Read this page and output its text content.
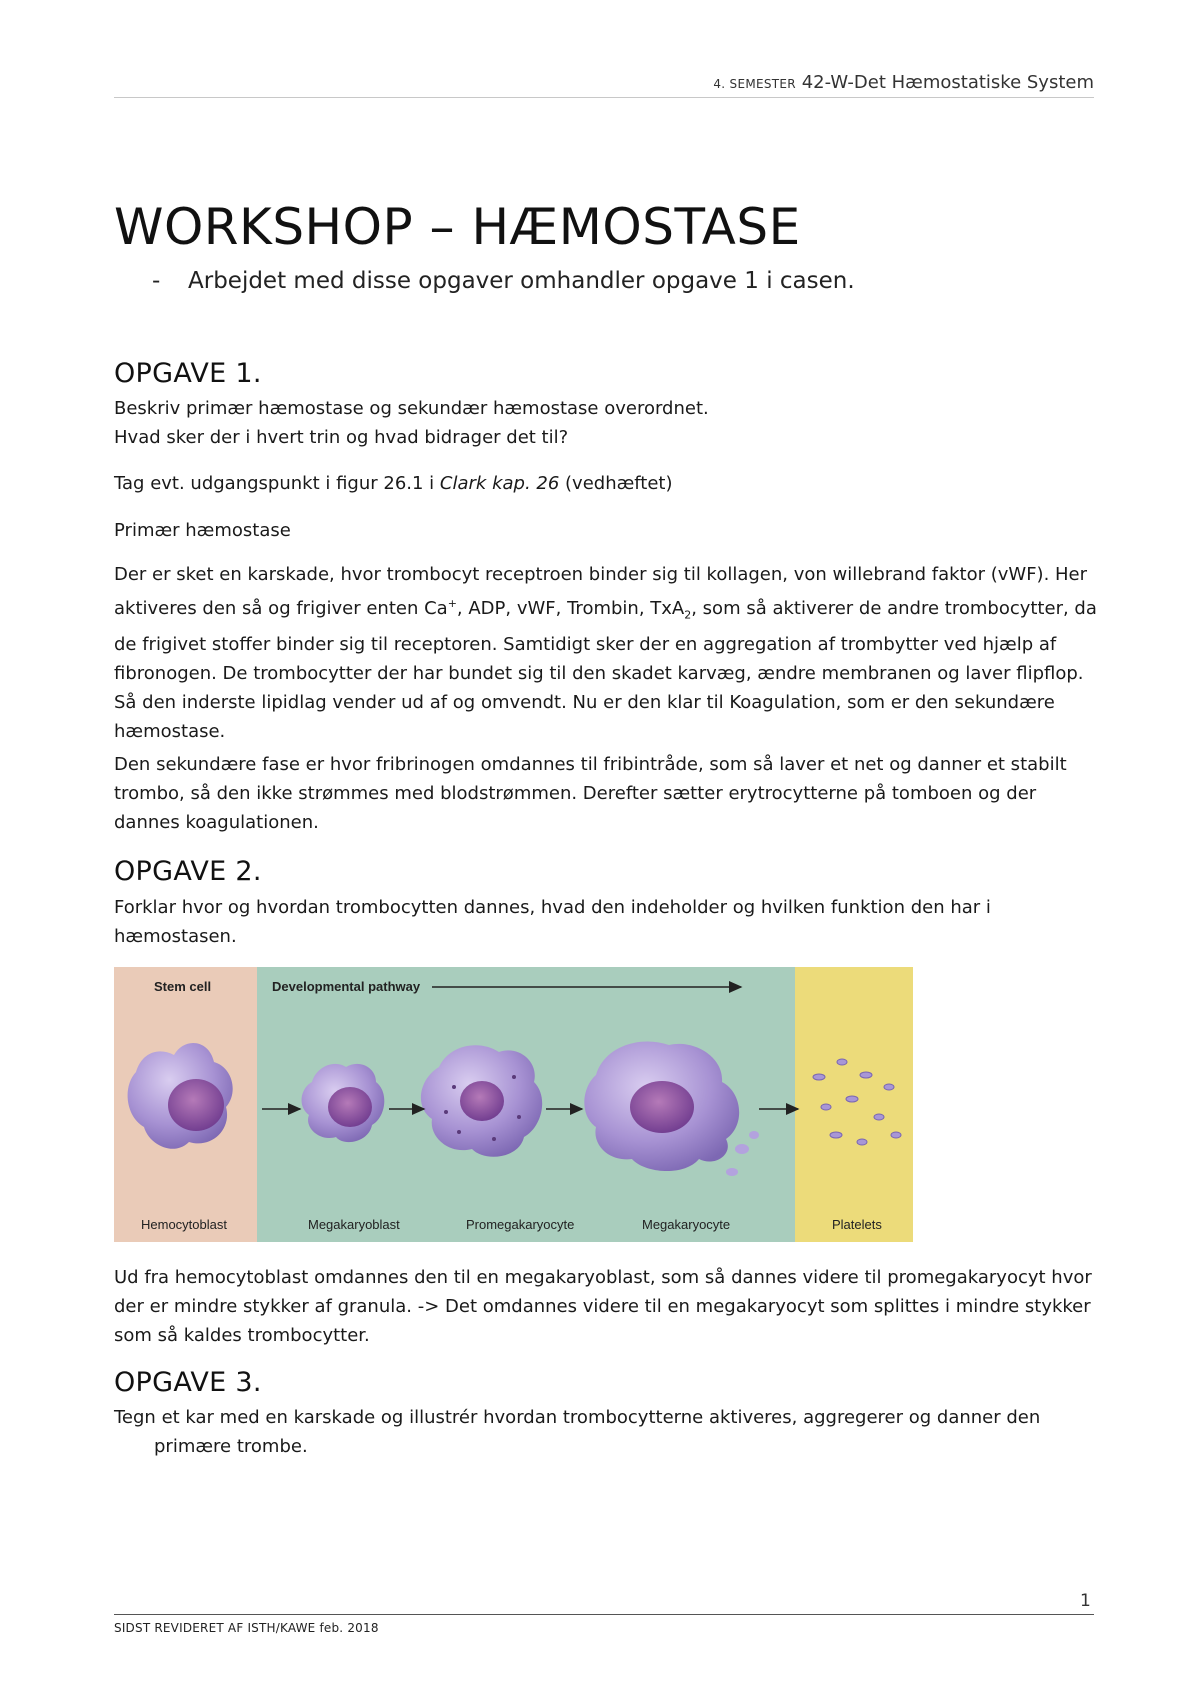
4. SEMESTER 42-W-Det Hæmostatiske System
WORKSHOP – HÆMOSTASE
- Arbejdet med disse opgaver omhandler opgave 1 i casen.
OPGAVE 1.

Beskriv primær hæmostase og sekundær hæmostase overordnet.
Hvad sker der i hvert trin og hvad bidrager det til?

Tag evt. udgangspunkt i figur 26.1 i Clark kap. 26 (vedhæftet)

Primær hæmostase

Der er sket en karskade, hvor trombocyt receptroen binder sig til kollagen, von willebrand faktor (vWF). Her aktiveres den så og frigiver enten Ca+, ADP, vWF, Trombin, TxA$_2$, som så aktiverer de andre trombocytter, da de frigivet stoffer binder sig til receptoren. Samtidigt sker der en aggregation af trombytter ved hjælp af fibronogen. De trombocytter der har bundet sig til den skadet karvæg, ændre membranen og laver flipflop. Så den inderste lipidlag vender ud af og omvendt. Nu er den klar til Koagulation, som er den sekundære hæmostase.

Den sekundære fase er hvor fribrinogen omdannes til fribintråde, som så laver et net og danner et stabilt trombo, så den ikke strømmes med blodstrømmen. Derefter sætter erytrocytterne på tomboen og der dannes koagulationen.

OPGAVE 2.

Forklar hvor og hvordan trombocytten dannes, hvad den indeholder og hvilken funktion den har i hæmostasen.

Stem cell	Developmental pathway
Hemocytoblast	Megakaryoblast	Promegakaryocyte	Megakaryocyte	Platelets

Ud fra hemocytoblast omdannes den til en megakaryoblast, som så dannes videre til promegakaryocyt hvor der er mindre stykker af granula. -> Det omdannes videre til en megakaryocyt som splittes i mindre stykker som så kaldes trombocytter.

OPGAVE 3.

Tegn et kar med en karskade og illustrér hvordan trombocytterne aktiveres, aggregerer og danner den
primære trombe.

1
SIDST REVIDERET AF ISTH/KAWE feb. 2018
